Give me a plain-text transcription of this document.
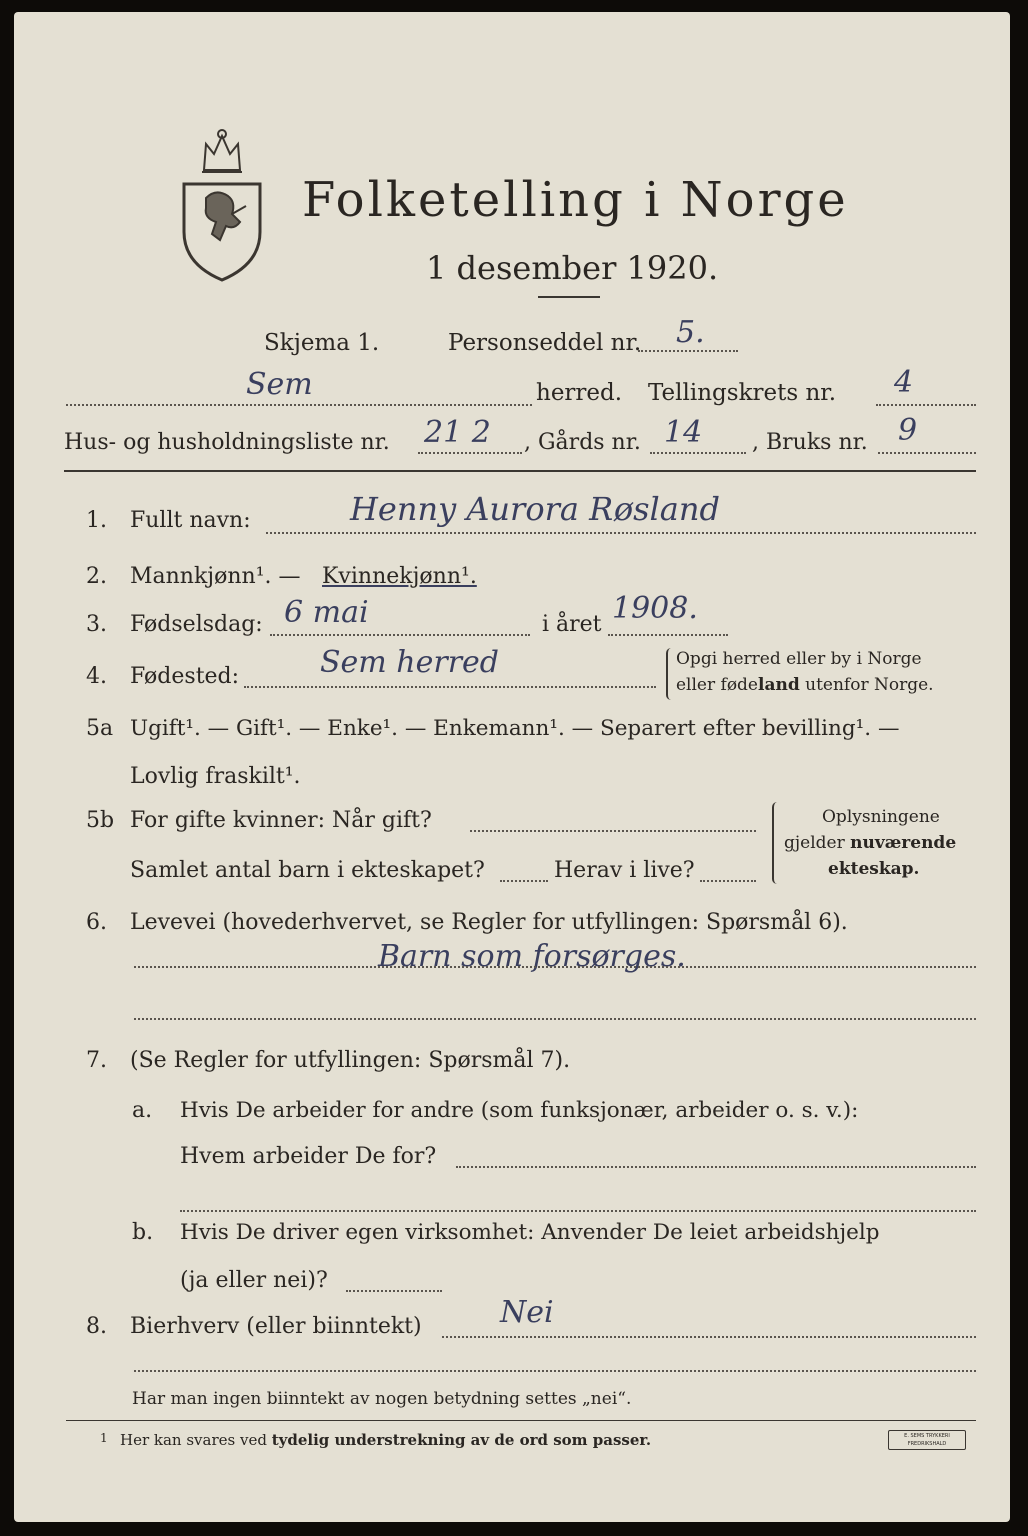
Folketelling i Norge
1 desember 1920.
Skjema 1.	Personseddel nr. 5.
Sem	herred. Tellingskrets nr. 4
Hus- og husholdningsliste nr. 21 2 , Gårds nr. 14 , Bruks nr. 9
1. Fullt navn:	Henny Aurora Røsland
2. Mannkjønn¹. — Kvinnekjønn¹.
3. Fødselsdag: 6 mai	i året 1908.
4. Fødested:	Sem herred	Opgi herred eller by i Norge
eller fødeland utenfor Norge.
5a Ugift¹. — Gift¹. — Enke¹. — Enkemann¹. — Separert efter bevilling¹. —
Lovlig fraskilt¹.
5b For gifte kvinner: Når gift?
Samlet antal barn i ekteskapet?	Herav i live?
Oplysningene
gjelder nuværende
ekteskap.
6. Levevei (hovederhvervet, se Regler for utfyllingen: Spørsmål 6).
Barn som forsørges.
7. (Se Regler for utfyllingen: Spørsmål 7).
a. Hvis De arbeider for andre (som funksjonær, arbeider o. s. v.):
Hvem arbeider De for?
b. Hvis De driver egen virksomhet: Anvender De leiet arbeidshjelp
(ja eller nei)?
8. Bierhverv (eller biinntekt)	Nei
Har man ingen biinntekt av nogen betydning settes „nei“.
1 Her kan svares ved tydelig understrekning av de ord som passer.	E. SEMS TRYKKERI FREDRIKSHALD
